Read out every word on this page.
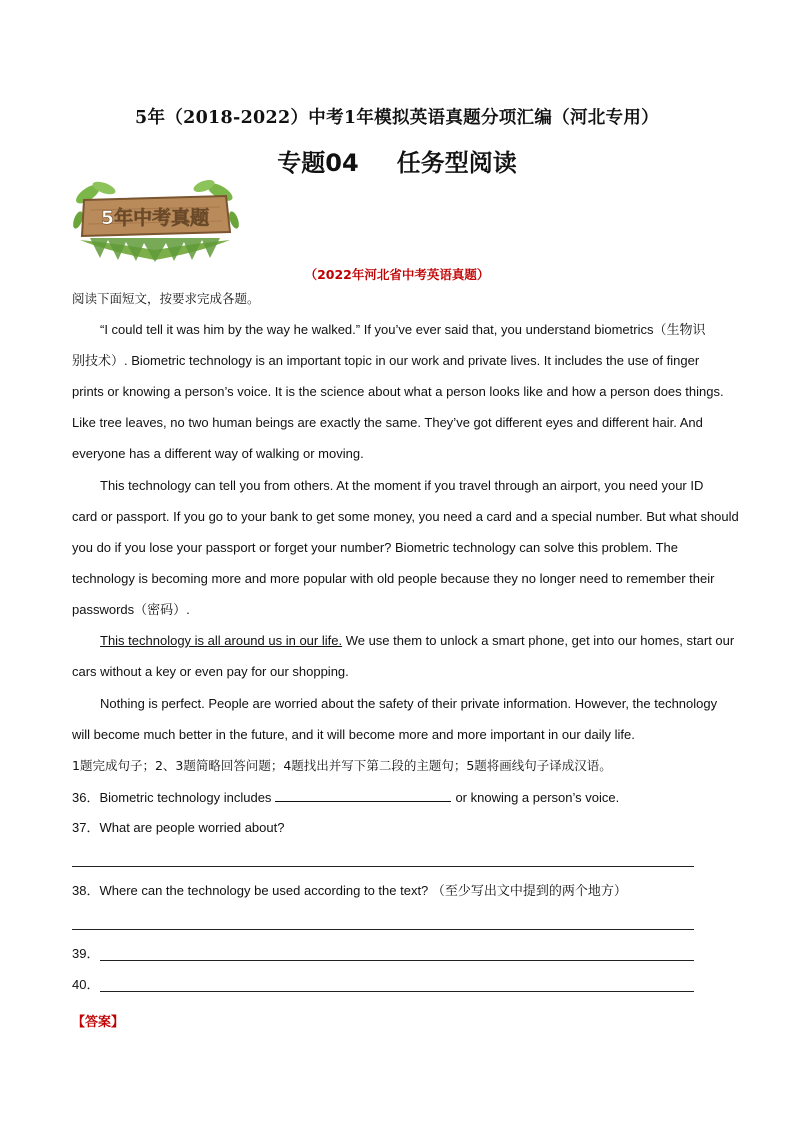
5年（2018-2022）中考1年模拟英语真题分项汇编（河北专用）
专题04 任务型阅读
5年中考真题
（2022年河北省中考英语真题）
阅读下面短文，按要求完成各题。
“I could tell it was him by the way he walked.” If you’ve ever said that, you understand biometrics（生物识
别技术）. Biometric technology is an important topic in our work and private lives. It includes the use of finger
prints or knowing a person’s voice. It is the science about what a person looks like and how a person does things.
Like tree leaves, no two human beings are exactly the same. They’ve got different eyes and different hair. And
everyone has a different way of walking or moving.
This technology can tell you from others. At the moment if you travel through an airport, you need your ID
card or passport. If you go to your bank to get some money, you need a card and a special number. But what should
you do if you lose your passport or forget your number? Biometric technology can solve this problem. The
technology is becoming more and more popular with old people because they no longer need to remember their
passwords（密码）.
This technology is all around us in our life. We use them to unlock a smart phone, get into our homes, start our
cars without a key or even pay for our shopping.
Nothing is perfect. People are worried about the safety of their private information. However, the technology
will become much better in the future, and it will become more and more important in our daily life.
1题完成句子；2、3题简略回答问题；4题找出并写下第二段的主题句；5题将画线句子译成汉语。
36．Biometric technology includes	or knowing a person’s voice.
37．What are people worried about?
38．Where can the technology be used according to the text? （至少写出文中提到的两个地方）
39．
40．
【答案】
